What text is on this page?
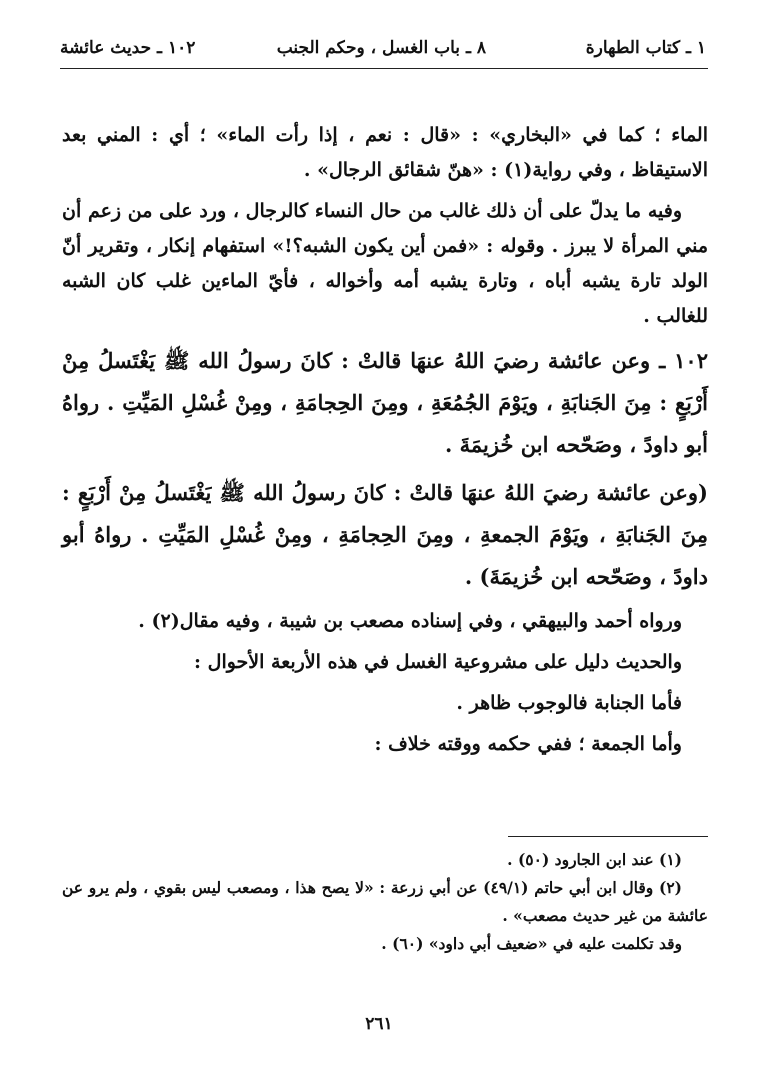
١ ـ كتاب الطهارة
٨ ـ باب الغسل ، وحكم الجنب
١٠٢ ـ حديث عائشة

الماء ؛ كما في «البخاري» : «قال : نعم ، إذا رأت الماء» ؛ أي : المني بعد الاستيقاظ ، وفي رواية(١) : «هنّ شقائق الرجال» .

وفيه ما يدلّ على أن ذلك غالب من حال النساء كالرجال ، ورد على من زعم أن مني المرأة لا يبرز . وقوله : «فمن أين يكون الشبه؟!» استفهام إنكار ، وتقرير أنّ الولد تارة يشبه أباه ، وتارة يشبه أمه وأخواله ، فأيّ الماءين غلب كان الشبه للغالب .

١٠٢ ـ وعن عائشة رضيَ اللهُ عنهَا قالتْ : كانَ رسولُ الله ﷺ يَغْتَسلُ مِنْ أَرْبَعٍ : مِنَ الجَنابَةِ ، ويَوْمَ الجُمُعَةِ ، ومِنَ الحِجامَةِ ، ومِنْ غُسْلِ المَيِّتِ . رواهُ أبو داودً ، وصَحّحه ابن خُزيمَةَ .

(وعن عائشة رضيَ اللهُ عنهَا قالتْ : كانَ رسولُ الله ﷺ يَغْتَسلُ مِنْ أَرْبَعٍ : مِنَ الجَنابَةِ ، ويَوْمَ الجمعةِ ، ومِنَ الحِجامَةِ ، ومِنْ غُسْلِ المَيِّتِ . رواهُ أبو داودً ، وصَحّحه ابن خُزيمَةَ) .

ورواه أحمد والبيهقي ، وفي إسناده مصعب بن شيبة ، وفيه مقال(٢) .

والحديث دليل على مشروعية الغسل في هذه الأربعة الأحوال :

فأما الجنابة فالوجوب ظاهر .

وأما الجمعة ؛ ففي حكمه ووقته خلاف :

(١) عند ابن الجارود (٥٠) .

(٢) وقال ابن أبي حاتم (٤٩/١) عن أبي زرعة : «لا يصح هذا ، ومصعب ليس بقوي ، ولم يرو عن عائشة من غير حديث مصعب» .

وقد تكلمت عليه في «ضعيف أبي داود» (٦٠) .

٢٦١
